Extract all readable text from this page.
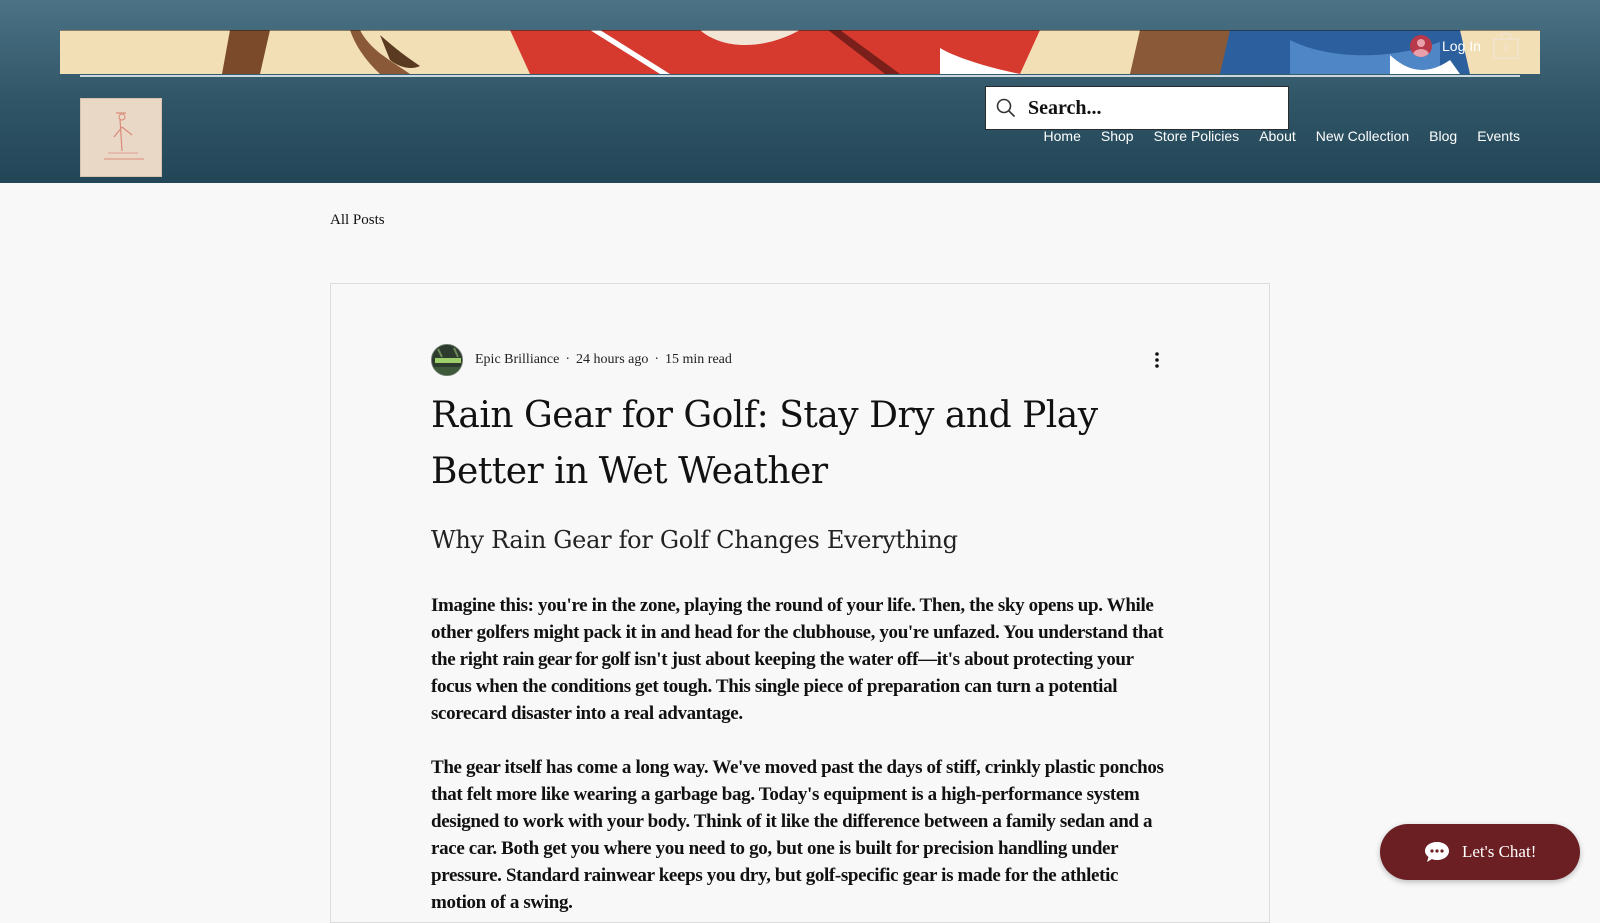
Log In	0
Search...
Home	Shop	Store Policies	About	New Collection	Blog	Events
All Posts
Epic Brilliance · 24 hours ago · 15 min read
Rain Gear for Golf: Stay Dry and Play Better in Wet Weather
Why Rain Gear for Golf Changes Everything

Imagine this: you're in the zone, playing the round of your life. Then, the sky opens up. While other golfers might pack it in and head for the clubhouse, you're unfazed. You understand that the right rain gear for golf isn't just about keeping the water off—it's about protecting your focus when the conditions get tough. This single piece of preparation can turn a potential scorecard disaster into a real advantage.

The gear itself has come a long way. We've moved past the days of stiff, crinkly plastic ponchos that felt more like wearing a garbage bag. Today's equipment is a high-performance system designed to work with your body. Think of it like the difference between a family sedan and a race car. Both get you where you need to go, but one is built for precision handling under pressure. Standard rainwear keeps you dry, but golf-specific gear is made for the athletic motion of a swing.

Let's Chat!
